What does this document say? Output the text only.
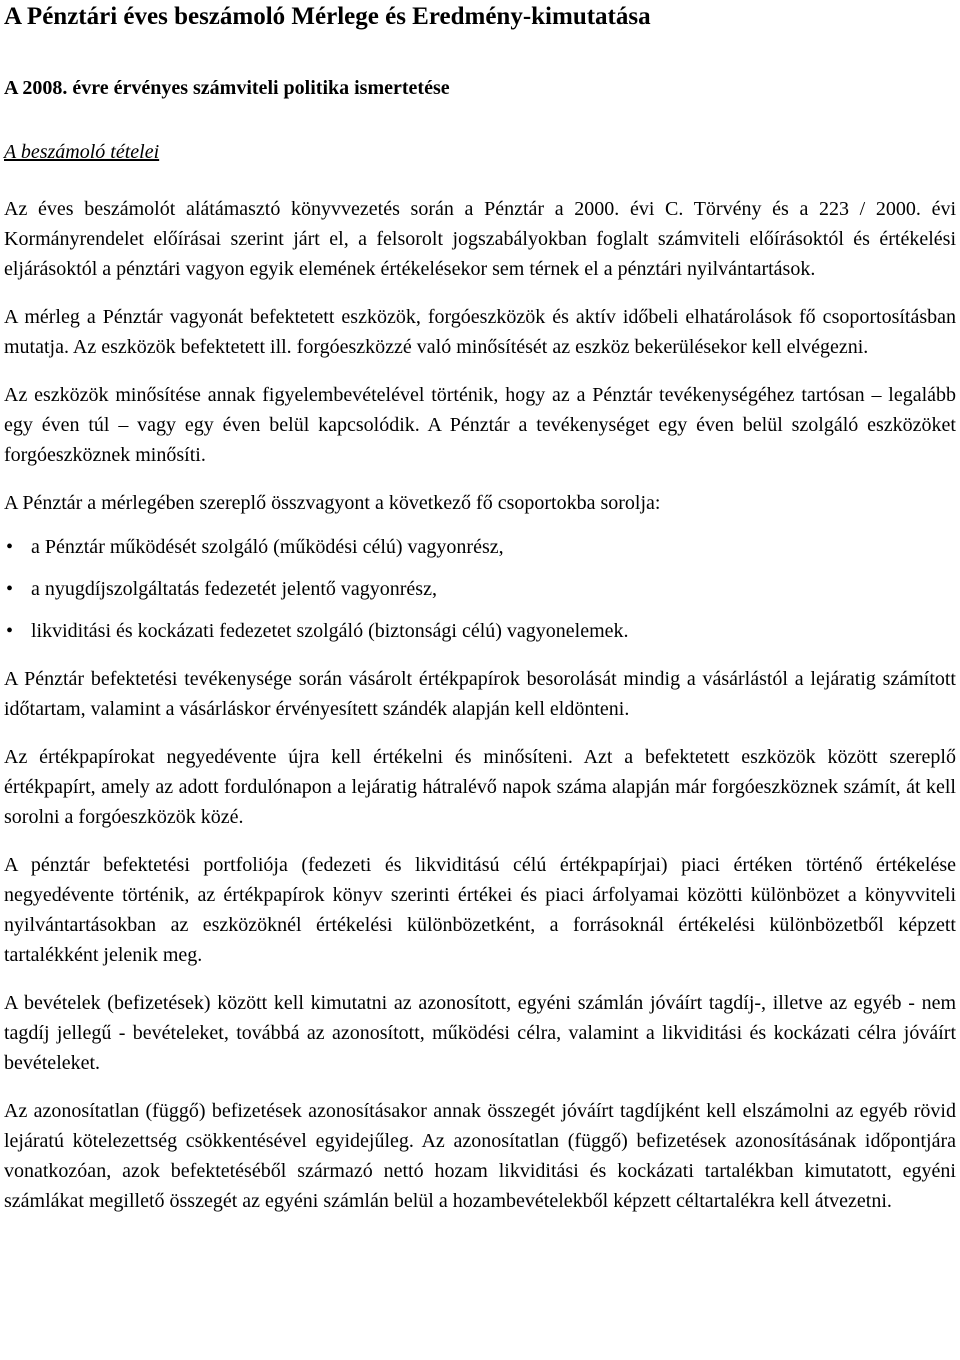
A Pénztári éves beszámoló Mérlege és Eredmény-kimutatása
A 2008. évre érvényes számviteli politika ismertetése
A beszámoló tételei

Az éves beszámolót alátámasztó könyvvezetés során a Pénztár a 2000. évi C. Törvény és a 223 / 2000. évi Kormányrendelet előírásai szerint járt el, a felsorolt jogszabályokban foglalt számviteli előírásoktól és értékelési eljárásoktól a pénztári vagyon egyik elemének értékelésekor sem térnek el a pénztári nyilvántartások.

A mérleg a Pénztár vagyonát befektetett eszközök, forgóeszközök és aktív időbeli elhatárolások fő csoportosításban mutatja. Az eszközök befektetett ill. forgóeszközzé való minősítését az eszköz bekerülésekor kell elvégezni.

Az eszközök minősítése annak figyelembevételével történik, hogy az a Pénztár tevékenységéhez tartósan – legalább egy éven túl – vagy egy éven belül kapcsolódik. A Pénztár a tevékenységet egy éven belül szolgáló eszközöket forgóeszköznek minősíti.

A Pénztár a mérlegében szereplő összvagyont a következő fő csoportokba sorolja:

• a Pénztár működését szolgáló (működési célú) vagyonrész,
• a nyugdíjszolgáltatás fedezetét jelentő vagyonrész,
• likviditási és kockázati fedezetet szolgáló (biztonsági célú) vagyonelemek.

A Pénztár befektetési tevékenysége során vásárolt értékpapírok besorolását mindig a vásárlástól a lejáratig számított időtartam, valamint a vásárláskor érvényesített szándék alapján kell eldönteni.

Az értékpapírokat negyedévente újra kell értékelni és minősíteni. Azt a befektetett eszközök között szereplő értékpapírt, amely az adott fordulónapon a lejáratig hátralévő napok száma alapján már forgóeszköznek számít, át kell sorolni a forgóeszközök közé.

A pénztár befektetési portfoliója (fedezeti és likviditású célú értékpapírjai) piaci értéken történő értékelése negyedévente történik, az értékpapírok könyv szerinti értékei és piaci árfolyamai közötti különbözet a könyvviteli nyilvántartásokban az eszközöknél értékelési különbözetként, a forrásoknál értékelési különbözetből képzett tartalékként jelenik meg.

A bevételek (befizetések) között kell kimutatni az azonosított, egyéni számlán jóváírt tagdíj-, illetve az egyéb - nem tagdíj jellegű - bevételeket, továbbá az azonosított, működési célra, valamint a likviditási és kockázati célra jóváírt bevételeket.

Az azonosítatlan (függő) befizetések azonosításakor annak összegét jóváírt tagdíjként kell elszámolni az egyéb rövid lejáratú kötelezettség csökkentésével egyidejűleg. Az azonosítatlan (függő) befizetések azonosításának időpontjára vonatkozóan, azok befektetéséből származó nettó hozam likviditási és kockázati tartalékban kimutatott, egyéni számlákat megillető összegét az egyéni számlán belül a hozambevételekből képzett céltartalékra kell átvezetni.
